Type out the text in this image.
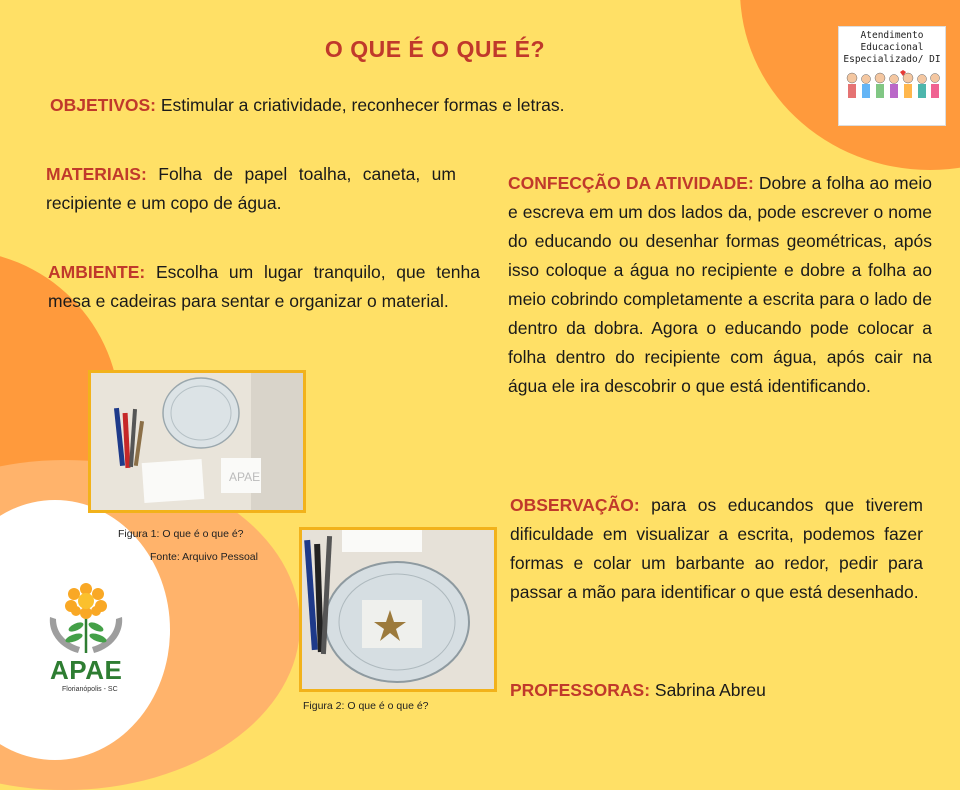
O QUE É O QUE É?
OBJETIVOS: Estimular a criatividade, reconhecer formas e letras.
MATERIAIS: Folha de papel toalha, caneta, um recipiente e um copo de água.
AMBIENTE: Escolha um lugar tranquilo, que tenha mesa e cadeiras para sentar e organizar o material.
CONFECÇÃO DA ATIVIDADE: Dobre a folha ao meio e escreva em um dos lados da, pode escrever o nome do educando ou desenhar formas geométricas, após isso coloque a água no recipiente e dobre a folha ao meio cobrindo completamente a escrita para o lado de dentro da dobra. Agora o educando pode colocar a folha dentro do recipiente com água, após cair na água ele ira descobrir o que está identificando.
OBSERVAÇÃO: para os educandos que tiverem dificuldade em visualizar a escrita, podemos fazer formas e colar um barbante ao redor, pedir para passar a mão para identificar o que está desenhado.
PROFESSORAS: Sabrina Abreu
Atendimento
Educacional
Especializado/ DI
APAE
Figura 1: O que é o que é?
Fonte: Arquivo Pessoal
Figura 2: O que é o que é?
APAE
Florianópolis - SC
